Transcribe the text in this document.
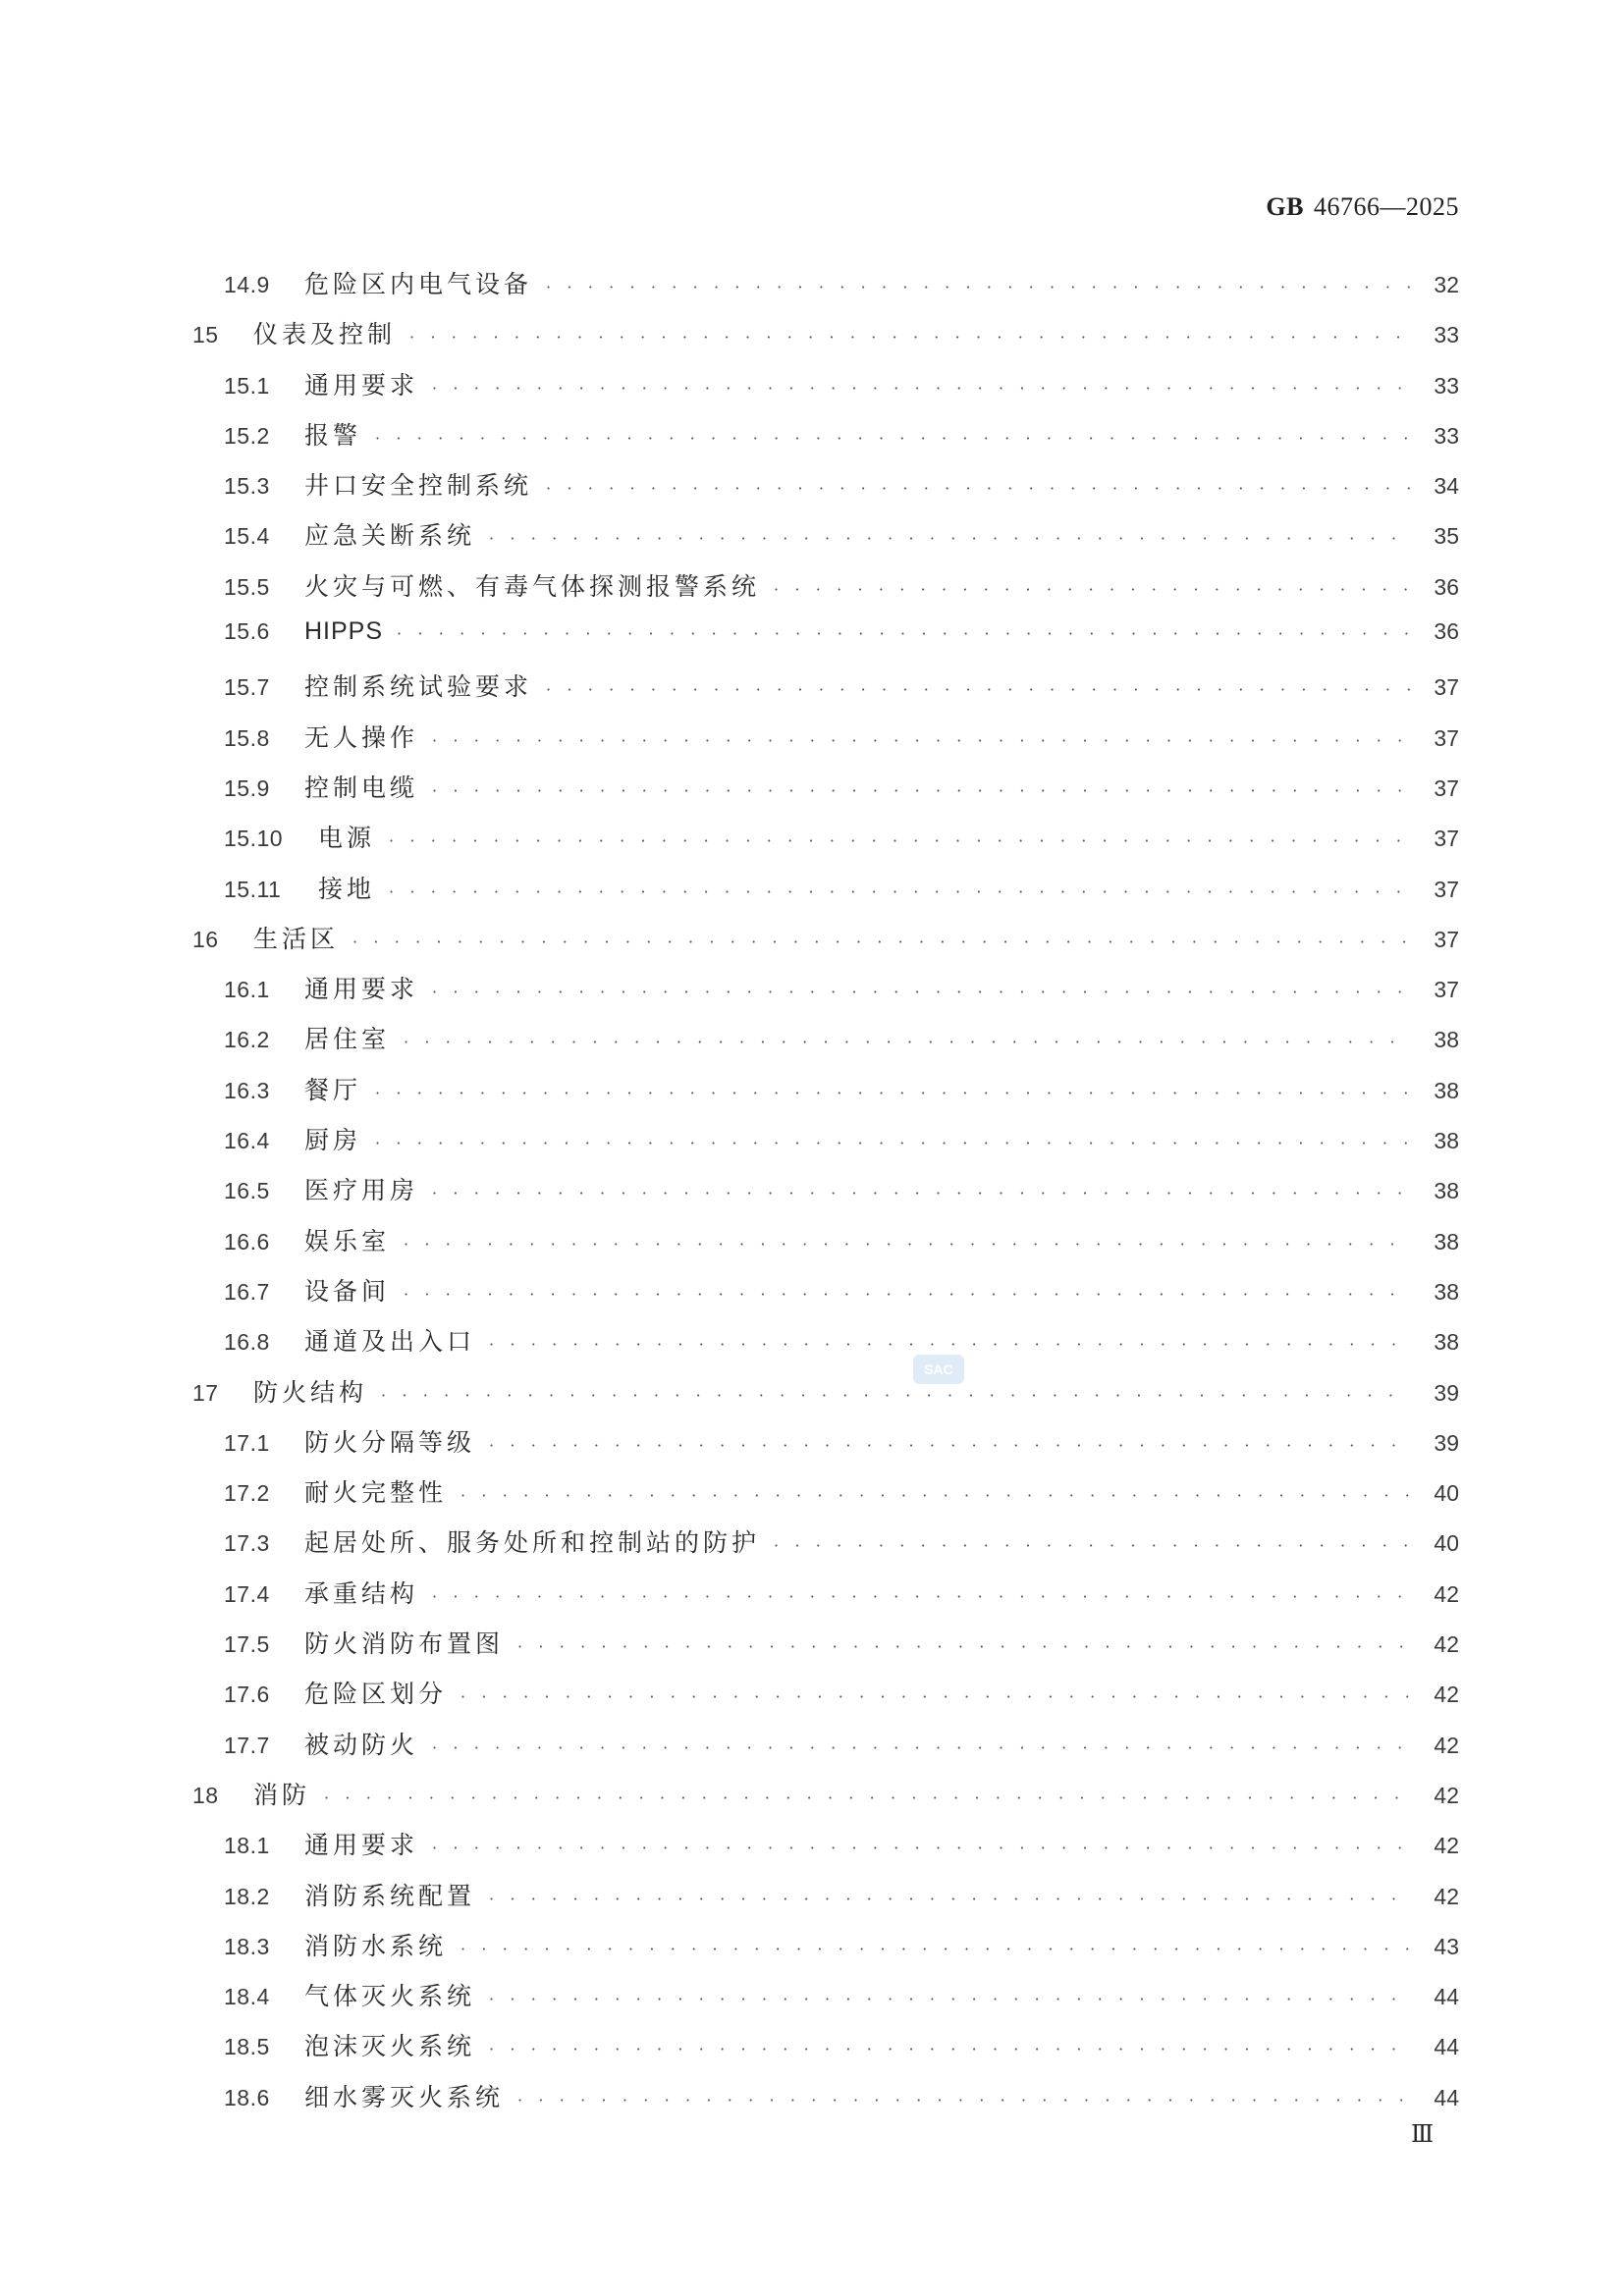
GB 46766—2025
14.9	危险区内电气设备 · · ·	32
15	仪表及控制 · · ·	33
15.1	通用要求 · · ·	33
15.2	报警 · · ·	33
15.3	井口安全控制系统 · · ·	34
15.4	应急关断系统 · · ·	35
15.5	火灾与可燃、有毒气体探测报警系统 · · ·	36
15.6	HIPPS · · ·	36
15.7	控制系统试验要求 · · ·	37
15.8	无人操作 · · ·	37
15.9	控制电缆 · · ·	37
15.10	电源 · · ·	37
15.11	接地 · · ·	37
16	生活区 · · ·	37
16.1	通用要求 · · ·	37
16.2	居住室 · · ·	38
16.3	餐厅 · · ·	38
16.4	厨房 · · ·	38
16.5	医疗用房 · · ·	38
16.6	娱乐室 · · ·	38
16.7	设备间 · · ·	38
16.8	通道及出入口 · · ·	38
17	防火结构 · · ·	39
17.1	防火分隔等级 · · ·	39
17.2	耐火完整性 · · ·	40
17.3	起居处所、服务处所和控制站的防护 · · ·	40
17.4	承重结构 · · ·	42
17.5	防火消防布置图 · · ·	42
17.6	危险区划分 · · ·	42
17.7	被动防火 · · ·	42
18	消防 · · ·	42
18.1	通用要求 · · ·	42
18.2	消防系统配置 · · ·	42
18.3	消防水系统 · · ·	43
18.4	气体灭火系统 · · ·	44
18.5	泡沫灭火系统 · · ·	44
18.6	细水雾灭火系统 · · ·	44
SAC
Ⅲ
